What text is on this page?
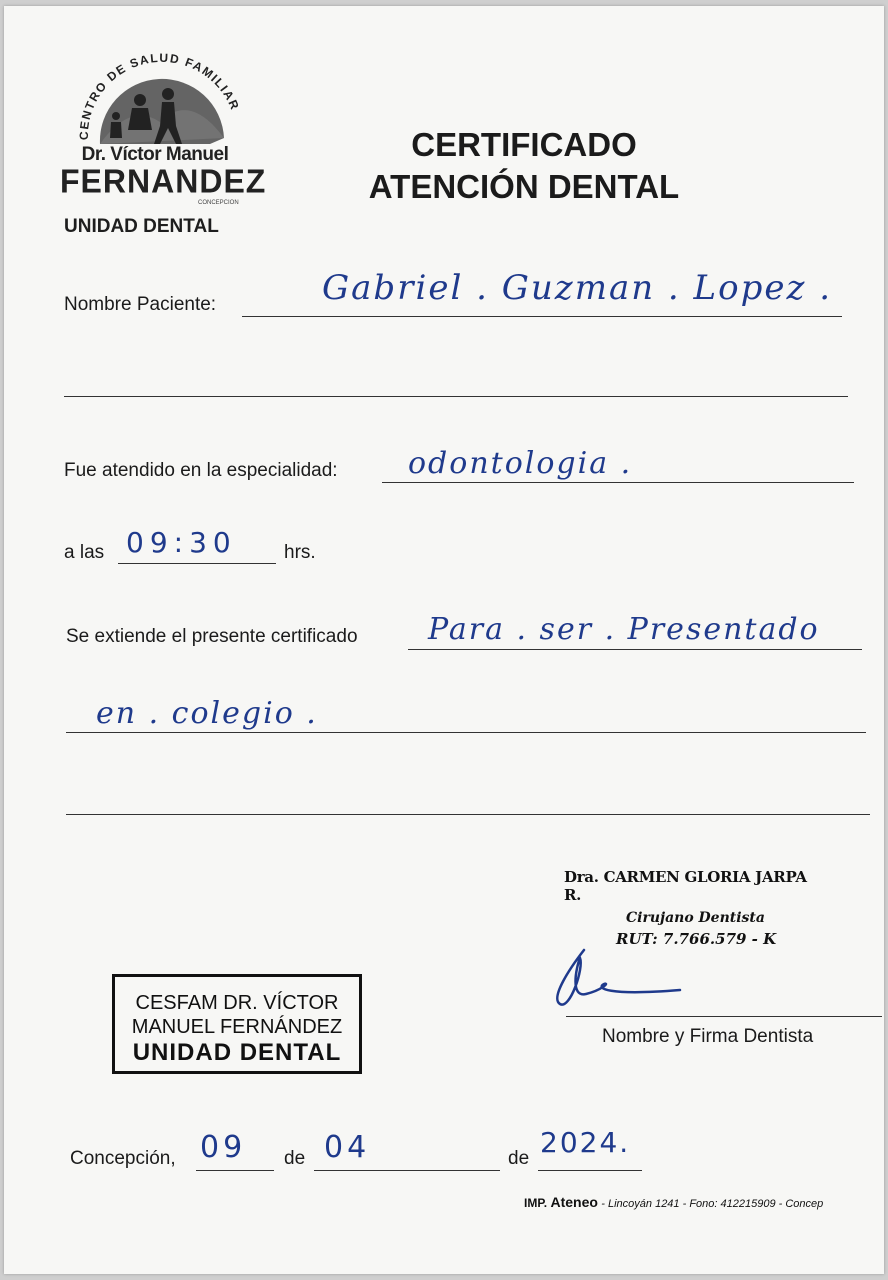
CENTRO DE SALUD FAMILIAR
Dr. Víctor Manuel
FERNANDEZ
CONCEPCION
UNIDAD DENTAL
CERTIFICADO
ATENCIÓN DENTAL
Nombre Paciente:	Gabriel . Guzman . Lopez .
Fue atendido en la especialidad: odontologia .
a las 09:30 hrs.
Se extiende el presente certificado Para . ser . Presentado
en . colegio .
Dra. CARMEN GLORIA JARPA R.
Cirujano Dentista
RUT: 7.766.579 - K
Nombre y Firma Dentista
CESFAM DR. VÍCTOR
MANUEL FERNÁNDEZ
UNIDAD DENTAL
Concepción, 09 de 04	de 2024.
IMP. Ateneo - Lincoyán 1241 - Fono: 412215909 - Concep
